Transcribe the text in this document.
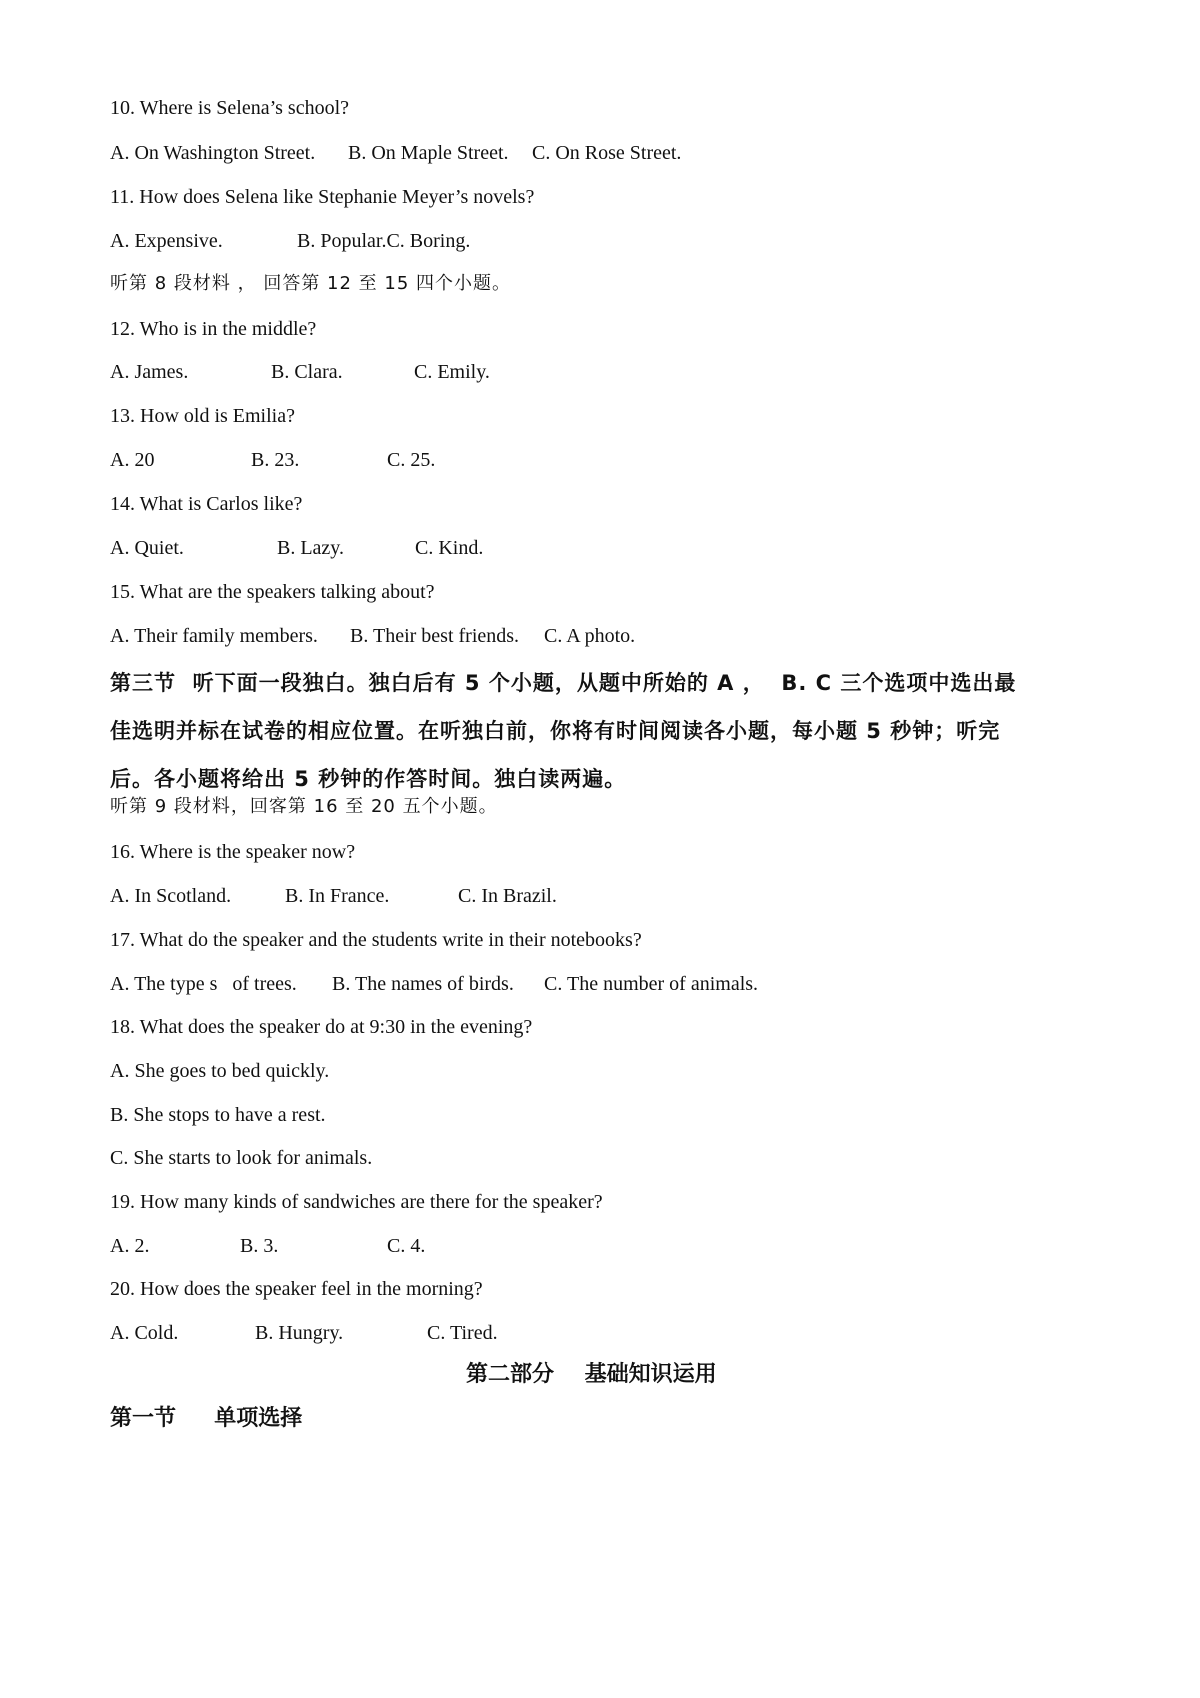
10. Where is Selena’s school?

A. On Washington Street.

B. On Maple Street.

C. On Rose Street.

11. How does Selena like Stephanie Meyer’s novels?

A. Expensive.

	B. Popular.C. Boring.

听第 8 段材料 ， 回答第 12 至 15 四个小题。
12. Who is in the middle?

A. James.

	B. Clara.

	C. Emily.

13. How old is Emilia?

A. 20

	B. 23.

	C. 25.

14. What is Carlos like?

A. Quiet.

	B. Lazy.

	C. Kind.

15. What are the speakers talking about?

A. Their family members.

B. Their best friends.

C. A photo.

第三节  听下面一段独白。独白后有 5 个小题，从题中所始的 A ，  B. C 三个选项中选出最

佳选明并标在试卷的相应位置。在听独白前，你将有时间阅读各小题，每小题 5 秒钟；听完

后。各小题将给出 5 秒钟的作答时间。独白读两遍。

听第 9 段材料，回客第 16 至 20 五个小题。
16. Where is the speaker now?

A. In Scotland.

	B. In France.

	C. In Brazil.

17. What do the speaker and the students write in their notebooks?

A. The type s   of trees.

B. The names of birds.

C. The number of animals.

18. What does the speaker do at 9:30 in the evening?
A. She goes to bed quickly.
B. She stops to have a rest.
C. She starts to look for animals.
19. How many kinds of sandwiches are there for the speaker?

A. 2.

	B. 3.

	C. 4.

20. How does the speaker feel in the morning?

A. Cold.

	B. Hungry.

	C. Tired.

第二部分    基础知识运用
第一节     单项选择
